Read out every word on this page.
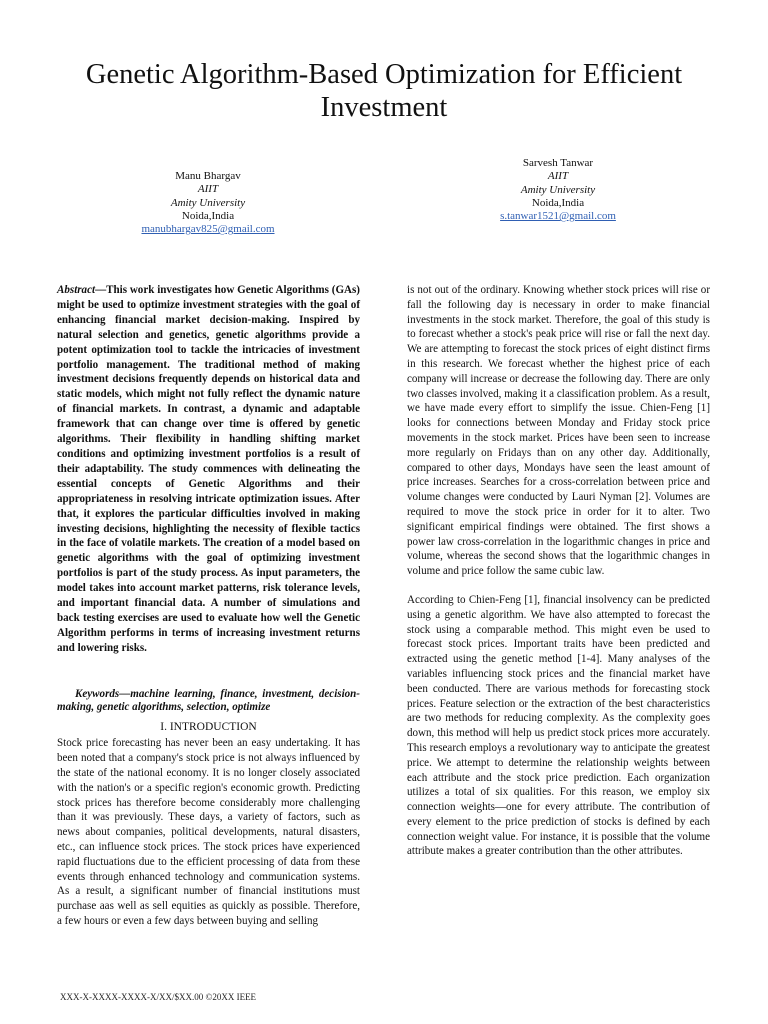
Genetic Algorithm-Based Optimization for Efficient Investment
Manu Bhargav
AIIT
Amity University
Noida,India
manubhargav825@gmail.com
Sarvesh Tanwar
AIIT
Amity University
Noida,India
s.tanwar1521@gmail.com

Abstract—This work investigates how Genetic Algorithms (GAs) might be used to optimize investment strategies with the goal of enhancing financial market decision-making. Inspired by natural selection and genetics, genetic algorithms provide a potent optimization tool to tackle the intricacies of investment portfolio management. The traditional method of making investment decisions frequently depends on historical data and static models, which might not fully reflect the dynamic nature of financial markets. In contrast, a dynamic and adaptable framework that can change over time is offered by genetic algorithms. Their flexibility in handling shifting market conditions and optimizing investment portfolios is a result of their adaptability. The study commences with delineating the essential concepts of Genetic Algorithms and their appropriateness in resolving intricate optimization issues. After that, it explores the particular difficulties involved in making investing decisions, highlighting the necessity of flexible tactics in the face of volatile markets. The creation of a model based on genetic algorithms with the goal of optimizing investment portfolios is part of the study process. As input parameters, the model takes into account market patterns, risk tolerance levels, and important financial data. A number of simulations and back testing exercises are used to evaluate how well the Genetic Algorithm performs in terms of increasing investment returns and lowering risks.

Keywords—machine learning, finance, investment, decision-making, genetic algorithms, selection, optimize

I. INTRODUCTION

Stock price forecasting has never been an easy undertaking. It has been noted that a company's stock price is not always influenced by the state of the national economy. It is no longer closely associated with the nation's or a specific region's economic growth. Predicting stock prices has therefore become considerably more challenging than it was previously. These days, a variety of factors, such as news about companies, political developments, natural disasters, etc., can influence stock prices. The stock prices have experienced rapid fluctuations due to the efficient processing of data from these events through enhanced technology and communication systems. As a result, a significant number of financial institutions must purchase aas well as sell equities as quickly as possible. Therefore, a few hours or even a few days between buying and selling

is not out of the ordinary. Knowing whether stock prices will rise or fall the following day is necessary in order to make financial investments in the stock market. Therefore, the goal of this study is to forecast whether a stock's peak price will rise or fall the next day. We are attempting to forecast the stock prices of eight distinct firms in this research. We forecast whether the highest price of each company will increase or decrease the following day. There are only two classes involved, making it a classification problem. As a result, we have made every effort to simplify the issue. Chien-Feng [1] looks for connections between Monday and Friday stock price movements in the stock market. Prices have been seen to increase more regularly on Fridays than on any other day. Additionally, compared to other days, Mondays have seen the least amount of price increases. Searches for a cross-correlation between price and volume changes were conducted by Lauri Nyman [2]. Volumes are required to move the stock price in order for it to alter. Two significant empirical findings were obtained. The first shows a power law cross-correlation in the logarithmic changes in price and volume, whereas the second shows that the logarithmic changes in volume and price follow the same cubic law.

According to Chien-Feng [1], financial insolvency can be predicted using a genetic algorithm. We have also attempted to forecast the stock using a comparable method. This might even be used to forecast stock prices. Important traits have been predicted and extracted using the genetic method [1-4]. Many analyses of the variables influencing stock prices and the financial market have been conducted. There are various methods for forecasting stock prices. Feature selection or the extraction of the best characteristics are two methods for reducing complexity. As the complexity goes down, this method will help us predict stock prices more accurately. This research employs a revolutionary way to anticipate the greatest price. We attempt to determine the relationship weights between each attribute and the stock price prediction. Each organization utilizes a total of six qualities. For this reason, we employ six connection weights—one for every attribute. The contribution of every element to the price prediction of stocks is defined by each connection weight value. For instance, it is possible that the volume attribute makes a greater contribution than the other attributes.

XXX-X-XXXX-XXXX-X/XX/$XX.00 ©20XX IEEE
